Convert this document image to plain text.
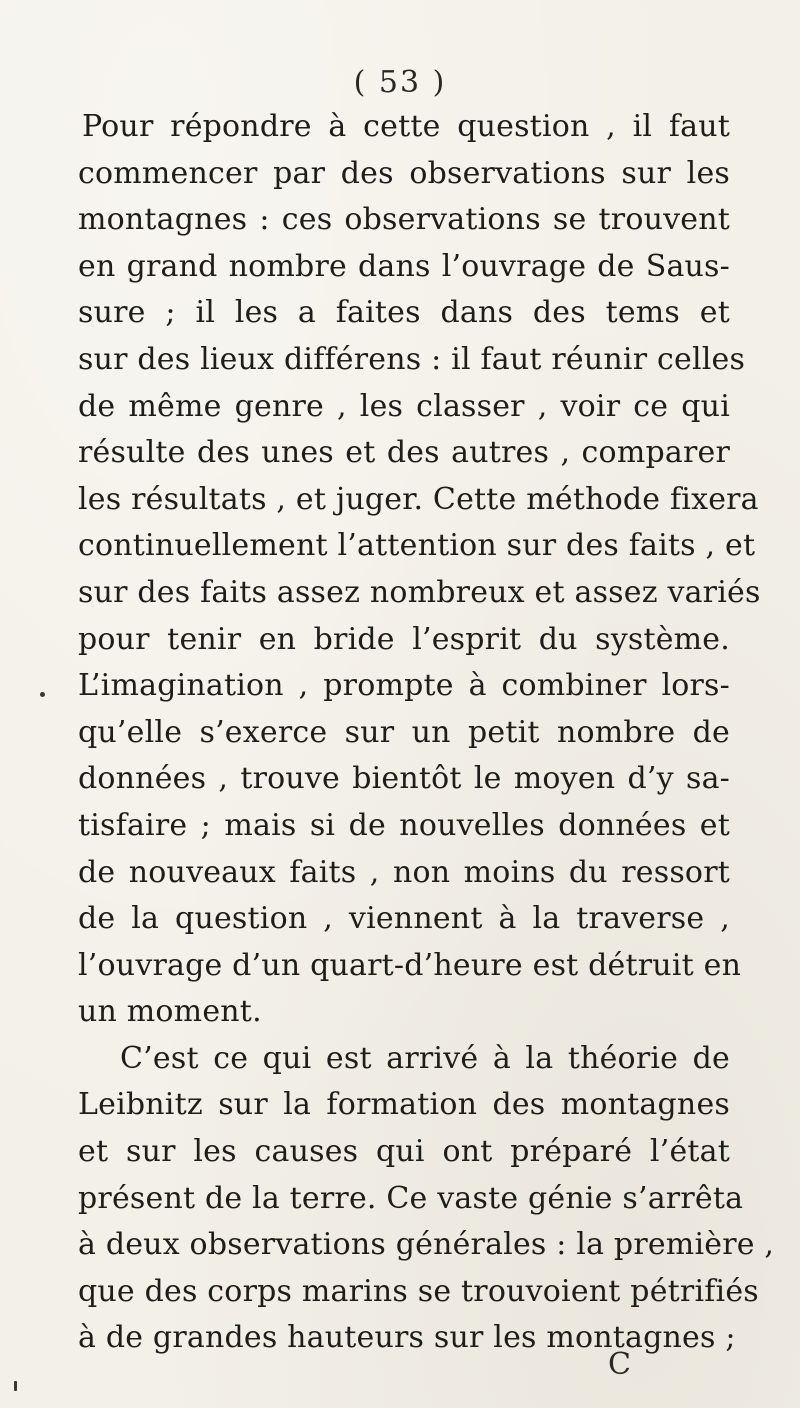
( 53 )
Pour répondre à cette question , il faut
commencer par des observations sur les
montagnes : ces observations se trouvent
en grand nombre dans l’ouvrage de Saus-
sure ; il les a faites dans des tems et
sur des lieux différens : il faut réunir celles
de même genre , les classer , voir ce qui
résulte des unes et des autres , comparer
les résultats , et juger. Cette méthode fixera
continuellement l’attention sur des faits , et
sur des faits assez nombreux et assez variés
pour tenir en bride l’esprit du système.
L’imagination , prompte à combiner lors-
qu’elle s’exerce sur un petit nombre de
données , trouve bientôt le moyen d’y sa-
tisfaire ; mais si de nouvelles données et
de nouveaux faits , non moins du ressort
de la question , viennent à la traverse ,
l’ouvrage d’un quart-d’heure est détruit en
un moment.
C’est ce qui est arrivé à la théorie de
Leibnitz sur la formation des montagnes
et sur les causes qui ont préparé l’état
présent de la terre. Ce vaste génie s’arrêta
à deux observations générales : la première ,
que des corps marins se trouvoient pétrifiés
à de grandes hauteurs sur les montagnes ;
C
